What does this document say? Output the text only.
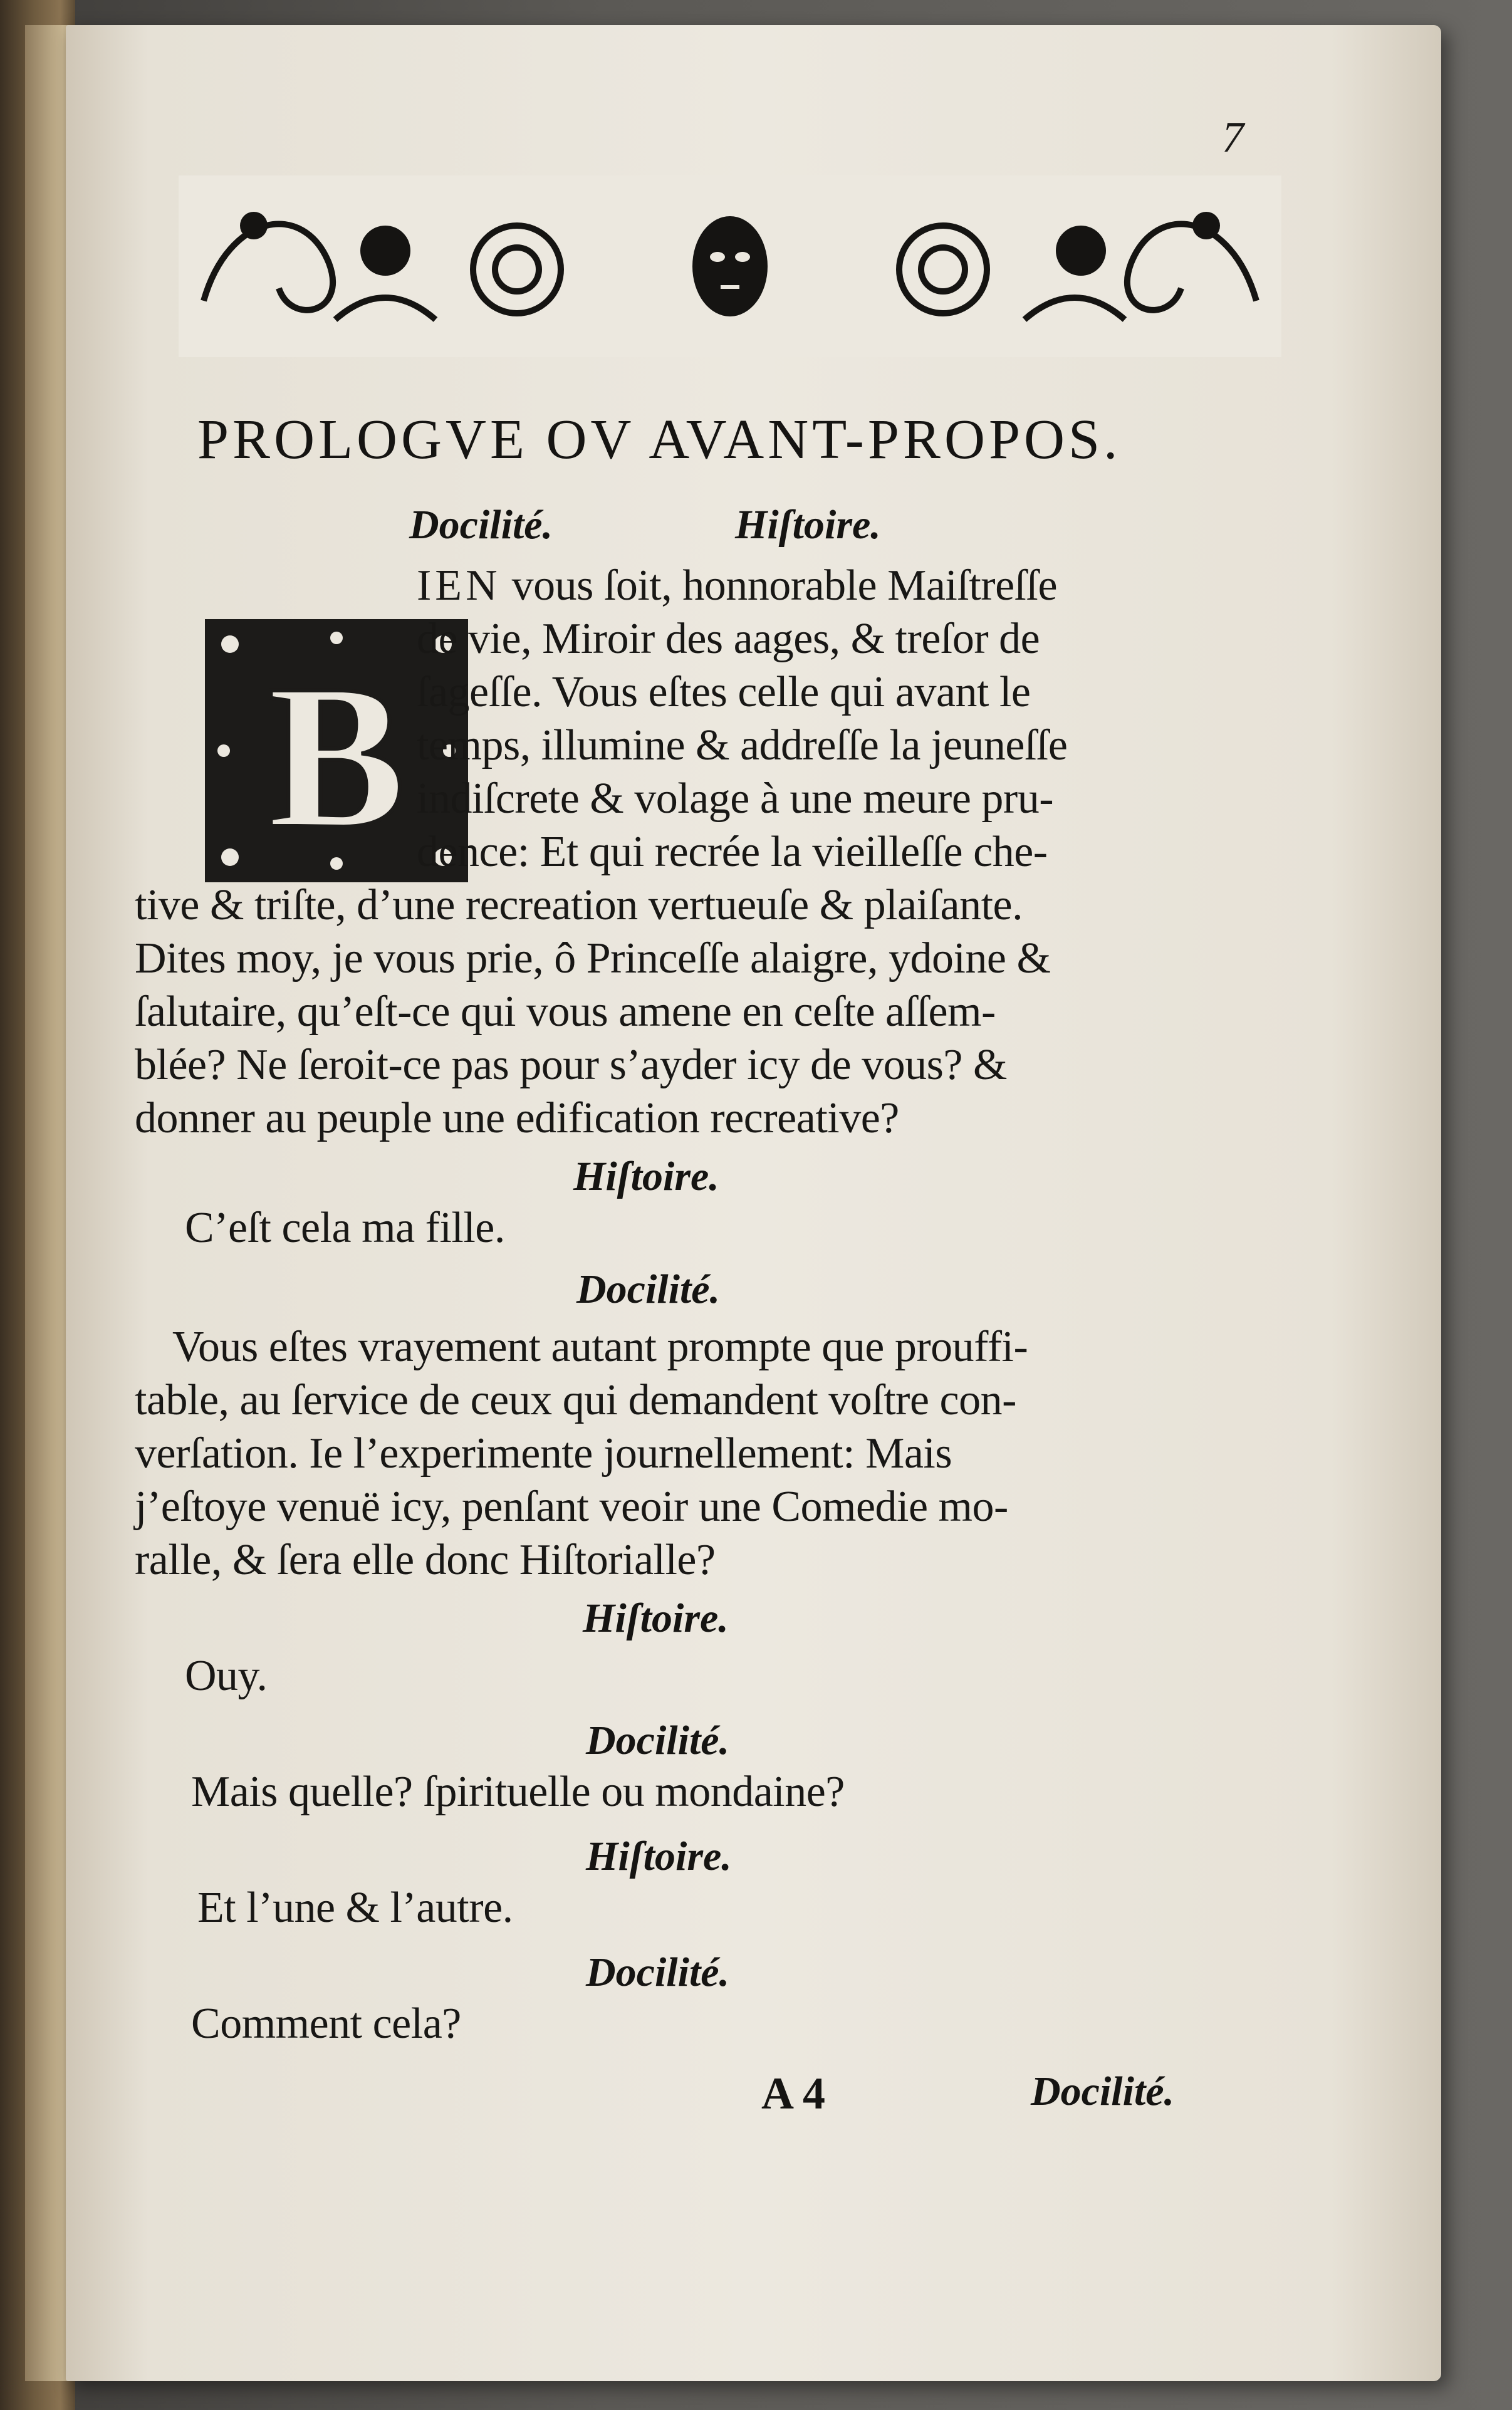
7
PROLOGVE OV AVANT-PROPOS.
Docilité.	Hiſtoire.
B
IEN vous ſoit, honnorable Maiſtreſſe
de vie, Miroir des aages, & treſor de
ſageſſe. Vous eſtes celle qui avant le
temps, illumine & addreſſe la jeuneſſe
indiſcrete & volage à une meure pru-
dence: Et qui recrée la vieilleſſe che-
tive & triſte, d’une recreation vertueuſe & plaiſante.
Dites moy, je vous prie, ô Princeſſe alaigre, ydoine &
ſalutaire, qu’eſt-ce qui vous amene en ceſte aſſem-
blée? Ne ſeroit-ce pas pour s’ayder icy de vous? &
donner au peuple une edification recreative?
Hiſtoire.
C’eſt cela ma fille.
Docilité.
Vous eſtes vrayement autant prompte que prouffi-
table, au ſervice de ceux qui demandent voſtre con-
verſation. Ie l’experimente journellement: Mais
j’eſtoye venuë icy, penſant veoir une Comedie mo-
ralle, & ſera elle donc Hiſtorialle?
Hiſtoire.
Ouy.
Docilité.
Mais quelle? ſpirituelle ou mondaine?
Hiſtoire.
Et l’une & l’autre.
Docilité.
Comment cela?
A 4	Docilité.
